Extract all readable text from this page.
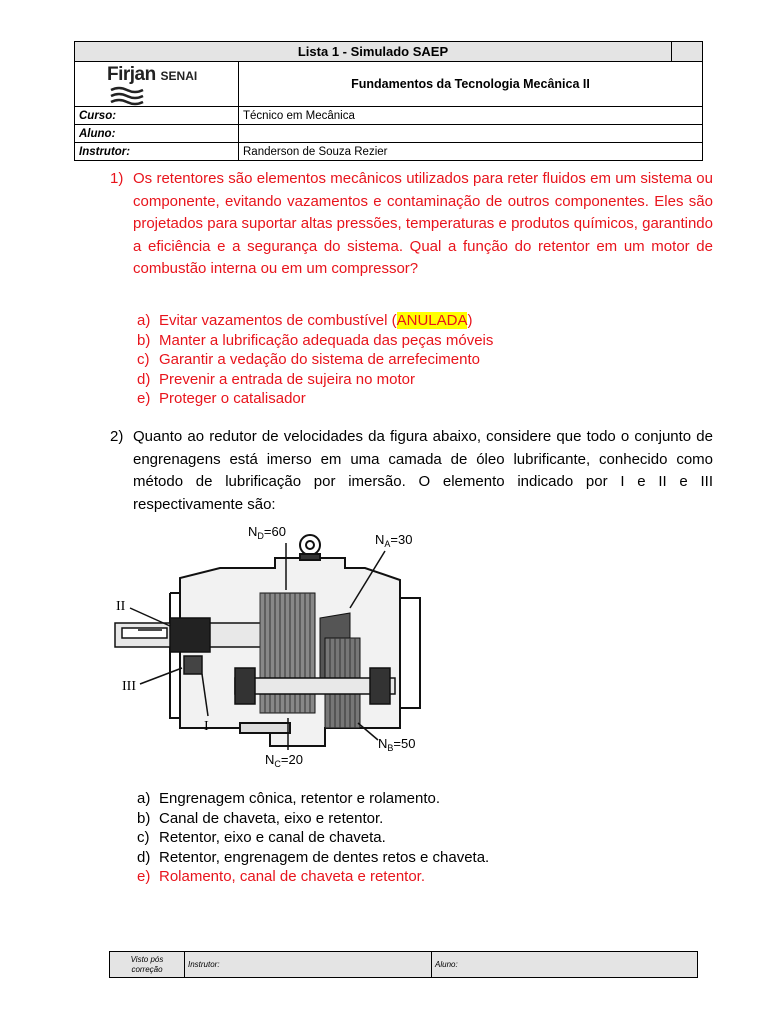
Lista 1 - Simulado SAEP		

Firjan SENAI	Fundamentos da Tecnologia Mecânica II	
Curso:	Técnico em Mecânica	
Aluno:		
Instrutor:	Randerson de Souza Rezier	
1) Os retentores são elementos mecânicos utilizados para reter fluidos em um sistema ou componente, evitando vazamentos e contaminação de outros componentes. Eles são projetados para suportar altas pressões, temperaturas e produtos químicos, garantindo a eficiência e a segurança do sistema. Qual a função do retentor em um motor de combustão interna ou em um compressor?
a) Evitar vazamentos de combustível (ANULADA)
b) Manter a lubrificação adequada das peças móveis
c) Garantir a vedação do sistema de arrefecimento
d) Prevenir a entrada de sujeira no motor
e) Proteger o catalisador
2) Quanto ao redutor de velocidades da figura abaixo, considere que todo o conjunto de engrenagens está imerso em uma camada de óleo lubrificante, conhecido como método de lubrificação por imersão. O elemento indicado por I e II e III respectivamente são:
$N_D=60$
$N_A=30$
$N_B=50$
$N_C=20$
II
III
I
a) Engrenagem cônica, retentor e rolamento.
b) Canal de chaveta, eixo e retentor.
c) Retentor, eixo e canal de chaveta.
d) Retentor, engrenagem de dentes retos e chaveta.
e) Rolamento, canal de chaveta e retentor.
Visto pós
correção	Instrutor:	Aluno:
